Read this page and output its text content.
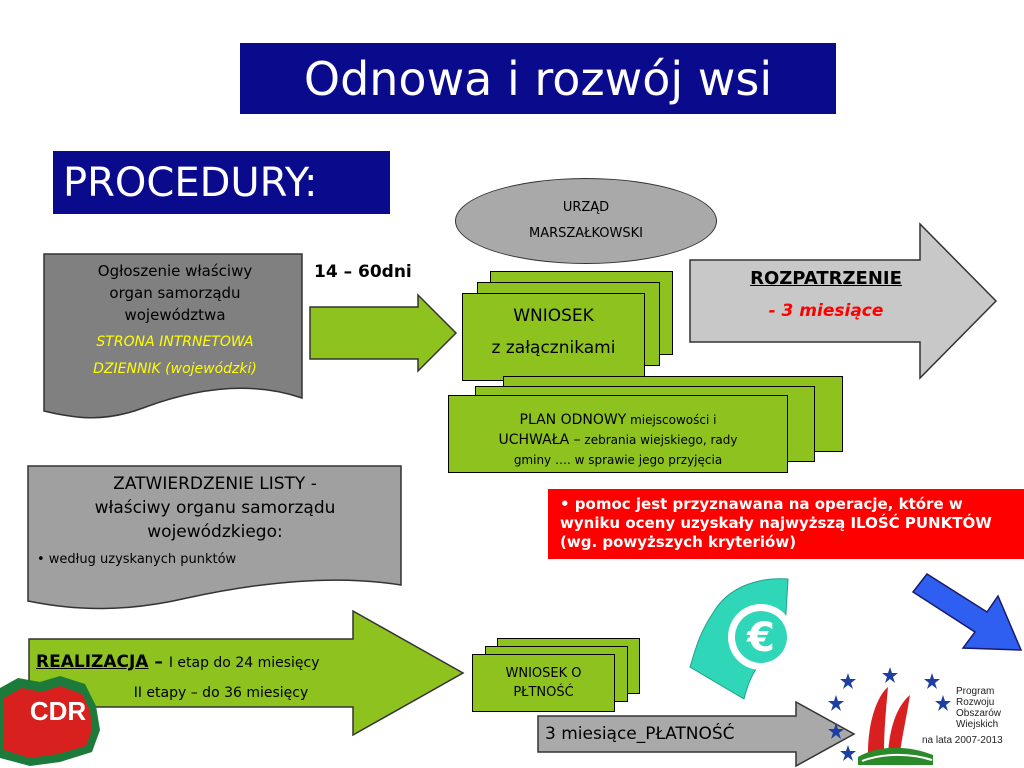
Odnowa i rozwój wsi
PROCEDURY:
URZĄD
MARSZAŁKOWSKI
Ogłoszenie właściwy
organ samorządu
województwa
STRONA INTRNETOWA
DZIENNIK (wojewódzki)
14 – 60dni
WNIOSEK
z załącznikami
ROZPATRZENIE
- 3 miesiące
PLAN ODNOWY miejscowości i
UCHWAŁA – zebrania wiejskiego, rady
gminy …. w sprawie jego przyjęcia
ZATWIERDZENIE LISTY -
właściwy organu samorządu
wojewódzkiego:
• według uzyskanych punktów
• pomoc jest przyznawana na operacje, które w wyniku oceny uzyskały najwyższą ILOŚĆ PUNKTÓW (wg. powyższych kryteriów)
€
REALIZACJA – I etap do 24 miesięcy
II etapy – do 36 miesięcy
WNIOSEK O
PŁTNOŚĆ
3 miesiące_PŁATNOŚĆ
CDR
Program
Rozwoju
Obszarów
Wiejskich
na lata 2007-2013
